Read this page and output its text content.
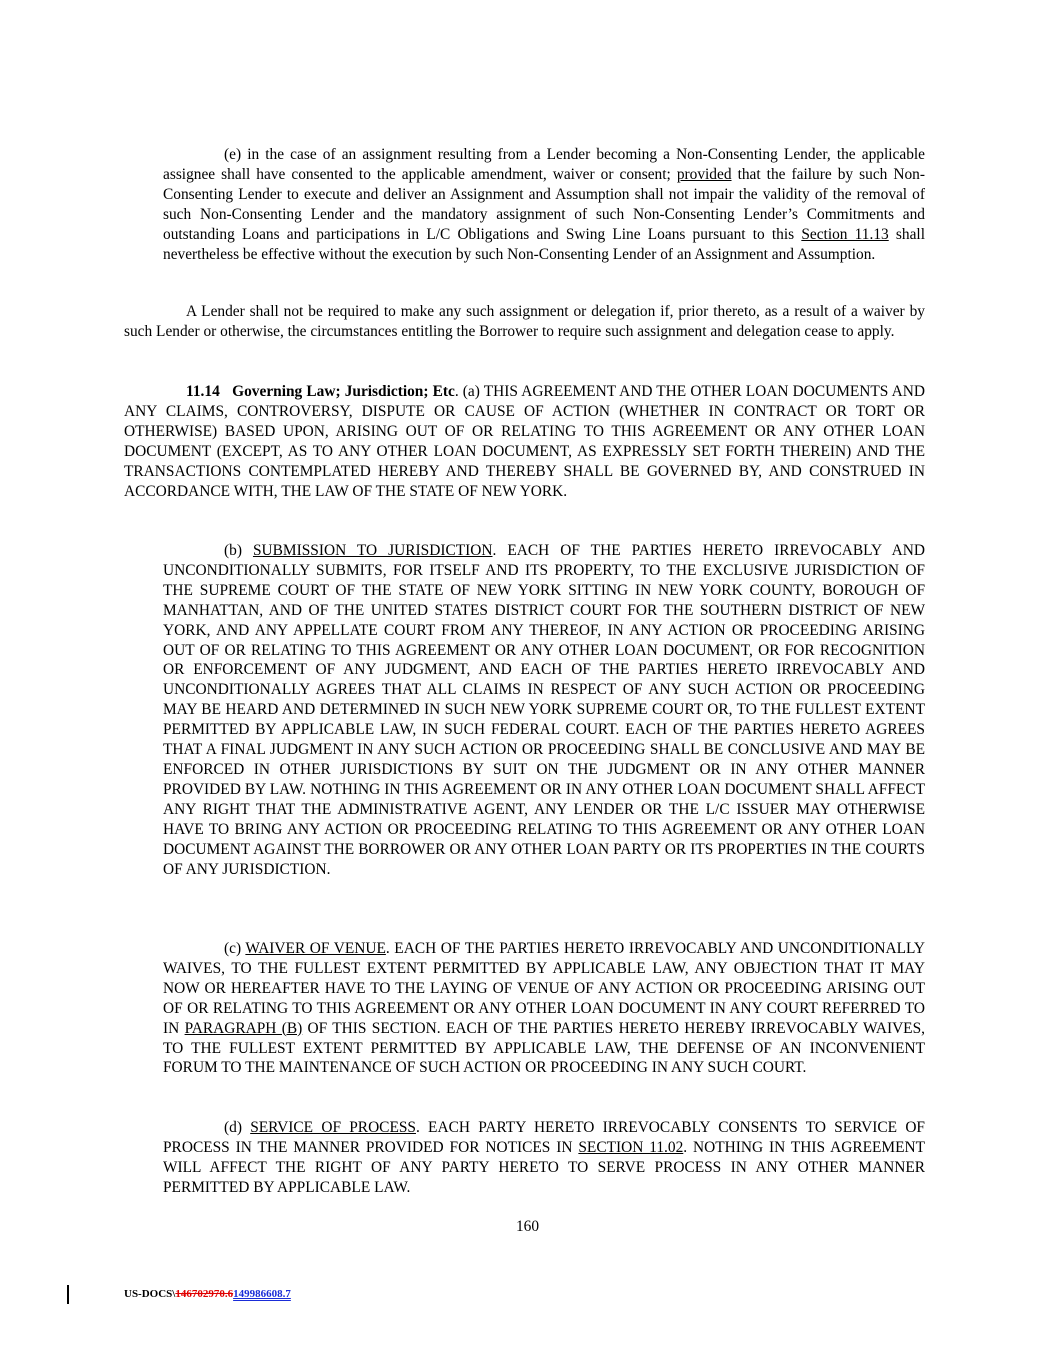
(e) in the case of an assignment resulting from a Lender becoming a Non-Consenting Lender, the applicable assignee shall have consented to the applicable amendment, waiver or consent; provided that the failure by such Non-Consenting Lender to execute and deliver an Assignment and Assumption shall not impair the validity of the removal of such Non-Consenting Lender and the mandatory assignment of such Non-Consenting Lender’s Commitments and outstanding Loans and participations in L/C Obligations and Swing Line Loans pursuant to this Section 11.13 shall nevertheless be effective without the execution by such Non-Consenting Lender of an Assignment and Assumption.

A Lender shall not be required to make any such assignment or delegation if, prior thereto, as a result of a waiver by such Lender or otherwise, the circumstances entitling the Borrower to require such assignment and delegation cease to apply.

11.14 Governing Law; Jurisdiction; Etc. (a) THIS AGREEMENT AND THE OTHER LOAN DOCUMENTS AND ANY CLAIMS, CONTROVERSY, DISPUTE OR CAUSE OF ACTION (WHETHER IN CONTRACT OR TORT OR OTHERWISE) BASED UPON, ARISING OUT OF OR RELATING TO THIS AGREEMENT OR ANY OTHER LOAN DOCUMENT (EXCEPT, AS TO ANY OTHER LOAN DOCUMENT, AS EXPRESSLY SET FORTH THEREIN) AND THE TRANSACTIONS CONTEMPLATED HEREBY AND THEREBY SHALL BE GOVERNED BY, AND CONSTRUED IN ACCORDANCE WITH, THE LAW OF THE STATE OF NEW YORK.

(b) SUBMISSION TO JURISDICTION. EACH OF THE PARTIES HERETO IRREVOCABLY AND UNCONDITIONALLY SUBMITS, FOR ITSELF AND ITS PROPERTY, TO THE EXCLUSIVE JURISDICTION OF THE SUPREME COURT OF THE STATE OF NEW YORK SITTING IN NEW YORK COUNTY, BOROUGH OF MANHATTAN, AND OF THE UNITED STATES DISTRICT COURT FOR THE SOUTHERN DISTRICT OF NEW YORK, AND ANY APPELLATE COURT FROM ANY THEREOF, IN ANY ACTION OR PROCEEDING ARISING OUT OF OR RELATING TO THIS AGREEMENT OR ANY OTHER LOAN DOCUMENT, OR FOR RECOGNITION OR ENFORCEMENT OF ANY JUDGMENT, AND EACH OF THE PARTIES HERETO IRREVOCABLY AND UNCONDITIONALLY AGREES THAT ALL CLAIMS IN RESPECT OF ANY SUCH ACTION OR PROCEEDING MAY BE HEARD AND DETERMINED IN SUCH NEW YORK SUPREME COURT OR, TO THE FULLEST EXTENT PERMITTED BY APPLICABLE LAW, IN SUCH FEDERAL COURT. EACH OF THE PARTIES HERETO AGREES THAT A FINAL JUDGMENT IN ANY SUCH ACTION OR PROCEEDING SHALL BE CONCLUSIVE AND MAY BE ENFORCED IN OTHER JURISDICTIONS BY SUIT ON THE JUDGMENT OR IN ANY OTHER MANNER PROVIDED BY LAW. NOTHING IN THIS AGREEMENT OR IN ANY OTHER LOAN DOCUMENT SHALL AFFECT ANY RIGHT THAT THE ADMINISTRATIVE AGENT, ANY LENDER OR THE L/C ISSUER MAY OTHERWISE HAVE TO BRING ANY ACTION OR PROCEEDING RELATING TO THIS AGREEMENT OR ANY OTHER LOAN DOCUMENT AGAINST THE BORROWER OR ANY OTHER LOAN PARTY OR ITS PROPERTIES IN THE COURTS OF ANY JURISDICTION.

(c) WAIVER OF VENUE. EACH OF THE PARTIES HERETO IRREVOCABLY AND UNCONDITIONALLY WAIVES, TO THE FULLEST EXTENT PERMITTED BY APPLICABLE LAW, ANY OBJECTION THAT IT MAY NOW OR HEREAFTER HAVE TO THE LAYING OF VENUE OF ANY ACTION OR PROCEEDING ARISING OUT OF OR RELATING TO THIS AGREEMENT OR ANY OTHER LOAN DOCUMENT IN ANY COURT REFERRED TO IN PARAGRAPH (B) OF THIS SECTION. EACH OF THE PARTIES HERETO HEREBY IRREVOCABLY WAIVES, TO THE FULLEST EXTENT PERMITTED BY APPLICABLE LAW, THE DEFENSE OF AN INCONVENIENT FORUM TO THE MAINTENANCE OF SUCH ACTION OR PROCEEDING IN ANY SUCH COURT.

(d) SERVICE OF PROCESS. EACH PARTY HERETO IRREVOCABLY CONSENTS TO SERVICE OF PROCESS IN THE MANNER PROVIDED FOR NOTICES IN SECTION 11.02. NOTHING IN THIS AGREEMENT WILL AFFECT THE RIGHT OF ANY PARTY HERETO TO SERVE PROCESS IN ANY OTHER MANNER PERMITTED BY APPLICABLE LAW.

160
US-DOCS\146702970.6149986608.7
